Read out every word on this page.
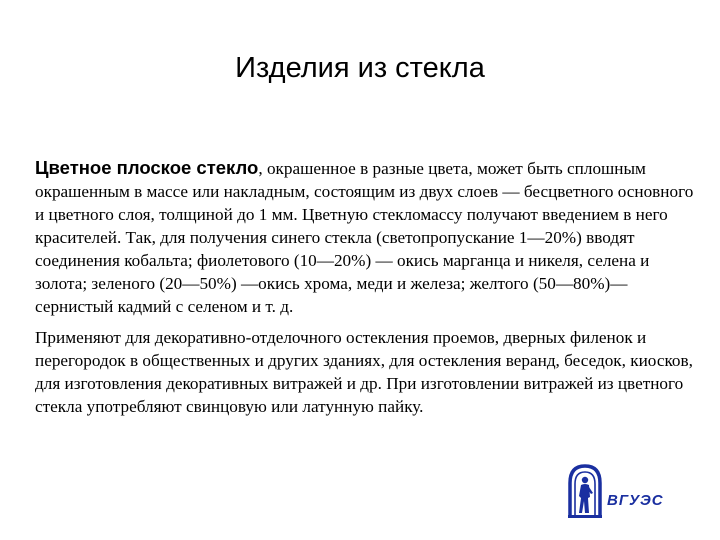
Изделия из стекла

Цветное плоское стекло, окрашенное в разные цвета, может быть сплошным окрашенным в массе или накладным, состоящим из двух слоев — бесцветного основного и цветного слоя, толщиной до 1 мм. Цветную стекломассу получают введением в него красителей. Так, для получения синего стекла (светопропускание 1—20%) вводят соединения кобальта; фиолетового (10—20%) — окись марганца и никеля, селена и золота; зеленого (20—50%) —окись хрома, меди и железа; желтого (50—80%)— сернистый кадмий с селеном и т. д.

Применяют для декоративно-отделочного остекления проемов, дверных филенок и перегородок в общественных и других зданиях, для остекления веранд, беседок, киосков, для изготовления декоративных витражей и др. При изготовлении витражей из цветного стекла употребляют свинцовую или латунную пайку.

ВГУЭС
